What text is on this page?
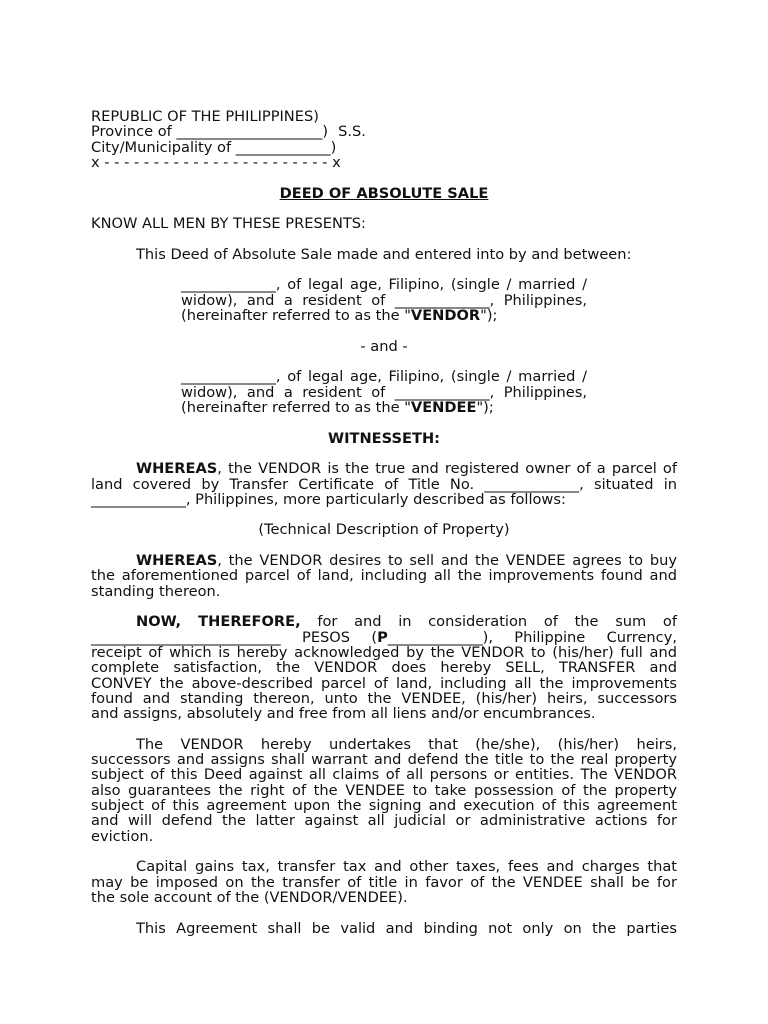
REPUBLIC OF THE PHILIPPINES)
Province of ____________________) S.S.
City/Municipality of _____________)
x - - - - - - - - - - - - - - - - - - - - - - - x
DEED OF ABSOLUTE SALE
KNOW ALL MEN BY THESE PRESENTS:
This Deed of Absolute Sale made and entered into by and between:
_____________, of legal age, Filipino, (single / married /
widow), and a resident of _____________, Philippines,
(hereinafter referred to as the "VENDOR");
- and -
_____________, of legal age, Filipino, (single / married /
widow), and a resident of _____________, Philippines,
(hereinafter referred to as the "VENDEE");
WITNESSETH:
WHEREAS, the VENDOR is the true and registered owner of a parcel of
land covered by Transfer Certificate of Title No. _____________, situated in
_____________, Philippines, more particularly described as follows:
(Technical Description of Property)
WHEREAS, the VENDOR desires to sell and the VENDEE agrees to buy
the aforementioned parcel of land, including all the improvements found and
standing thereon.
NOW, THEREFORE, for and in consideration of the sum of
__________________________ PESOS (P_____________), Philippine Currency,
receipt of which is hereby acknowledged by the VENDOR to (his/her) full and
complete satisfaction, the VENDOR does hereby SELL, TRANSFER and
CONVEY the above-described parcel of land, including all the improvements
found and standing thereon, unto the VENDEE, (his/her) heirs, successors
and assigns, absolutely and free from all liens and/or encumbrances.
The VENDOR hereby undertakes that (he/she), (his/her) heirs,
successors and assigns shall warrant and defend the title to the real property
subject of this Deed against all claims of all persons or entities. The VENDOR
also guarantees the right of the VENDEE to take possession of the property
subject of this agreement upon the signing and execution of this agreement
and will defend the latter against all judicial or administrative actions for
eviction.
Capital gains tax, transfer tax and other taxes, fees and charges that
may be imposed on the transfer of title in favor of the VENDEE shall be for
the sole account of the (VENDOR/VENDEE).
This Agreement shall be valid and binding not only on the parties
